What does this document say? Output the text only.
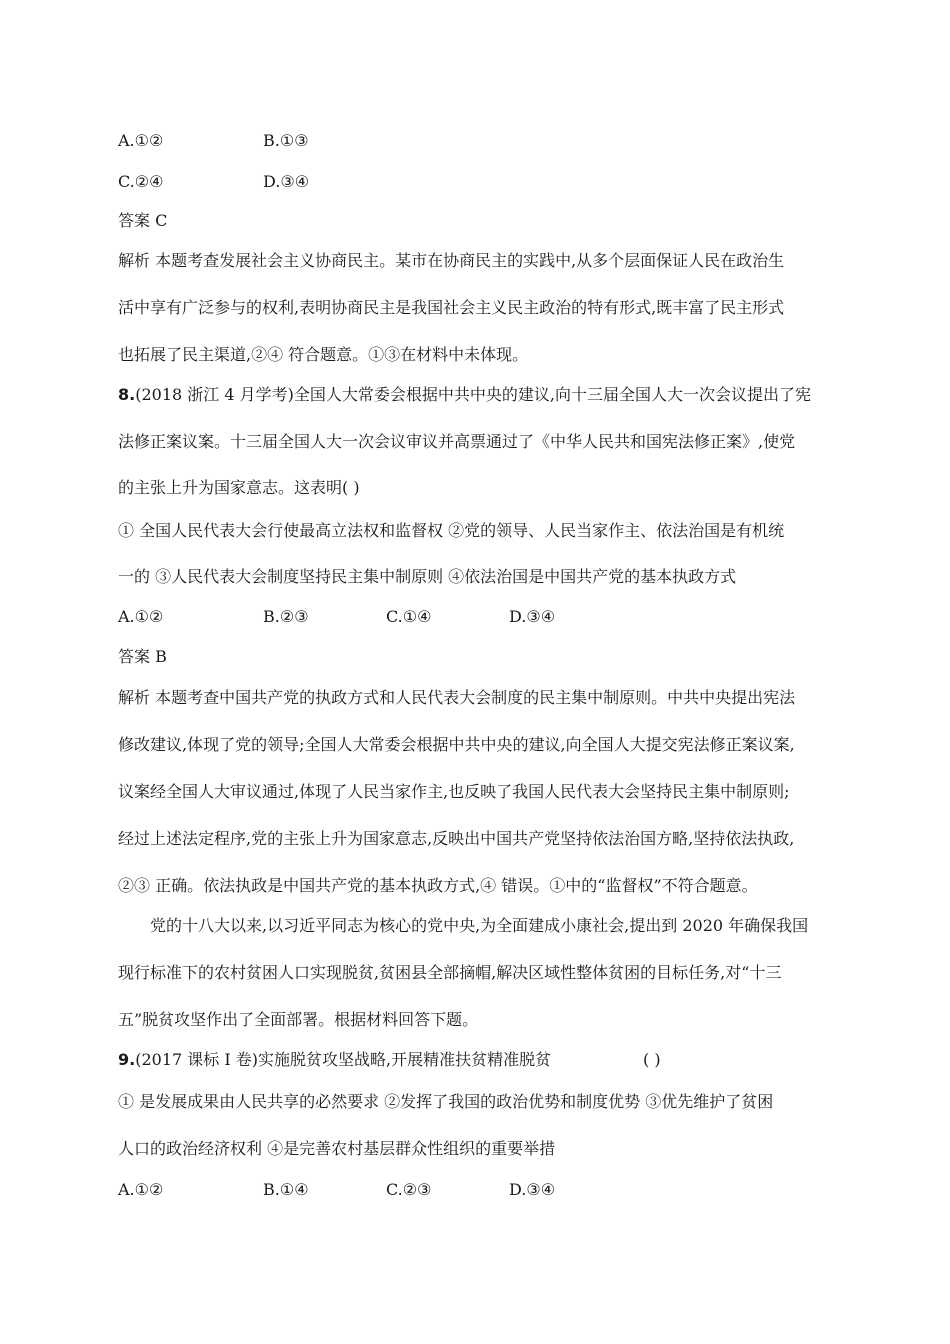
A.①②	B.①③
C.②④	D.③④
答案 C
解析 本题考查发展社会主义协商民主。某市在协商民主的实践中,从多个层面保证人民在政治生
活中享有广泛参与的权利,表明协商民主是我国社会主义民主政治的特有形式,既丰富了民主形式
也拓展了民主渠道,②④ 符合题意。①③在材料中未体现。
8.(2018 浙江 4 月学考)全国人大常委会根据中共中央的建议,向十三届全国人大一次会议提出了宪
法修正案议案。十三届全国人大一次会议审议并高票通过了《中华人民共和国宪法修正案》,使党
的主张上升为国家意志。这表明( )
① 全国人民代表大会行使最高立法权和监督权 ②党的领导、人民当家作主、依法治国是有机统
一的 ③人民代表大会制度坚持民主集中制原则 ④依法治国是中国共产党的基本执政方式
A.①②	B.②③	C.①④	D.③④
答案 B
解析 本题考查中国共产党的执政方式和人民代表大会制度的民主集中制原则。中共中央提出宪法
修改建议,体现了党的领导;全国人大常委会根据中共中央的建议,向全国人大提交宪法修正案议案,
议案经全国人大审议通过,体现了人民当家作主,也反映了我国人民代表大会坚持民主集中制原则;
经过上述法定程序,党的主张上升为国家意志,反映出中国共产党坚持依法治国方略,坚持依法执政,
②③ 正确。依法执政是中国共产党的基本执政方式,④ 错误。①中的“监督权”不符合题意。
党的十八大以来,以习近平同志为核心的党中央,为全面建成小康社会,提出到 2020 年确保我国
现行标准下的农村贫困人口实现脱贫,贫困县全部摘帽,解决区域性整体贫困的目标任务,对“十三
五”脱贫攻坚作出了全面部署。根据材料回答下题。
9.(2017 课标 Ⅰ 卷)实施脱贫攻坚战略,开展精准扶贫精准脱贫	( )
① 是发展成果由人民共享的必然要求 ②发挥了我国的政治优势和制度优势 ③优先维护了贫困
人口的政治经济权利 ④是完善农村基层群众性组织的重要举措
A.①②	B.①④	C.②③	D.③④
